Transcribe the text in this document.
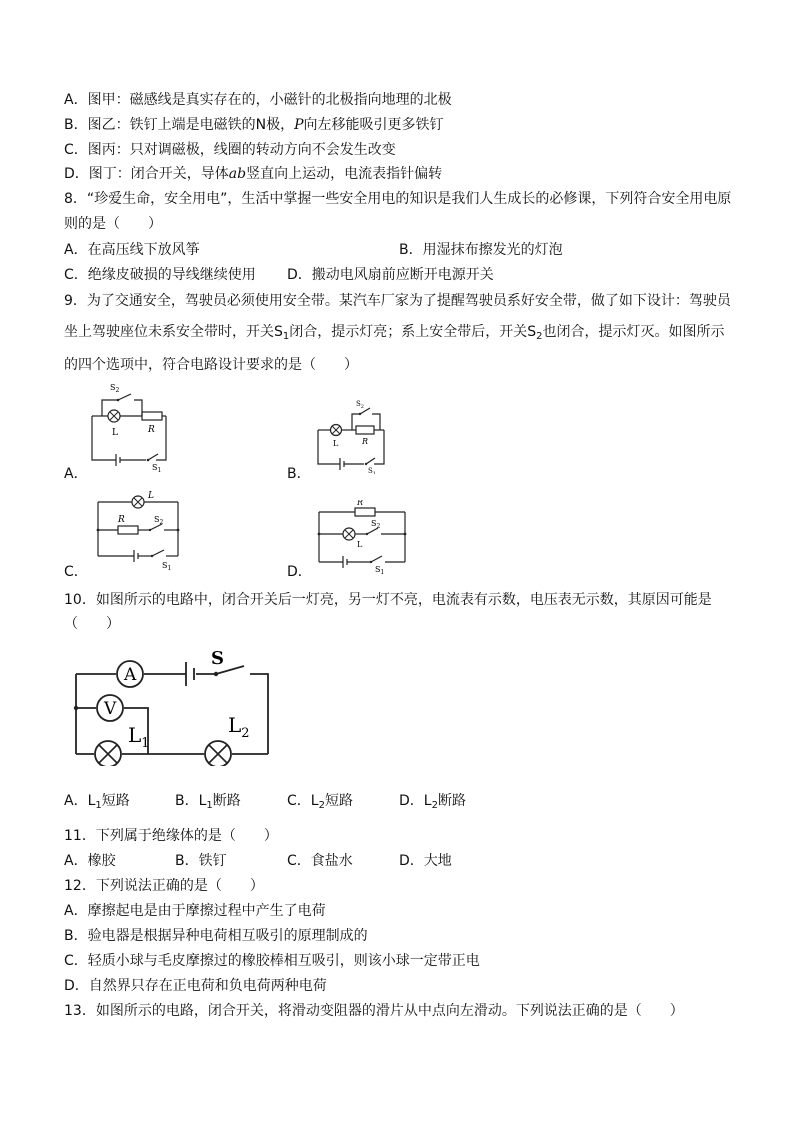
A．图甲：磁感线是真实存在的，小磁针的北极指向地理的北极
B．图乙：铁钉上端是电磁铁的N极，P向左移能吸引更多铁钉
C．图丙：只对调磁极，线圈的转动方向不会发生改变
D．图丁：闭合开关，导体ab竖直向上运动，电流表指针偏转
8．“珍爱生命，安全用电”，生活中掌握一些安全用电的知识是我们人生成长的必修课，下列符合安全用电原
则的是（　　）
A．在高压线下放风筝	B．用湿抹布擦发光的灯泡
C．绝缘皮破损的导线继续使用 D．搬动电风扇前应断开电源开关
9．为了交通安全，驾驶员必须使用安全带。某汽车厂家为了提醒驾驶员系好安全带，做了如下设计：驾驶员
坐上驾驶座位未系安全带时，开关$S_1$闭合，提示灯亮；系上安全带后，开关$S_2$也闭合，提示灯灭。如图所示
的四个选项中，符合电路设计要求的是（　　）
$S_2$
L	R
$S_1$
A．
$S_2$
L	R
$S_1$
B．
L
R	$S_2$
$S_1$
C．
R
$S_2$
L
$S_1$
D．
10．如图所示的电路中，闭合开关后一灯亮，另一灯不亮，电流表有示数，电压表无示数，其原因可能是
（　　）
A
V
S
$L_1$
$L_2$
A．$L_1$短路	B．$L_1$断路	C．$L_2$短路	D．$L_2$断路
11．下列属于绝缘体的是（　　）
A．橡胶	B．铁钉	C．食盐水	D．大地
12．下列说法正确的是（　　）
A．摩擦起电是由于摩擦过程中产生了电荷
B．验电器是根据异种电荷相互吸引的原理制成的
C．轻质小球与毛皮摩擦过的橡胶棒相互吸引，则该小球一定带正电
D．自然界只存在正电荷和负电荷两种电荷
13．如图所示的电路，闭合开关，将滑动变阻器的滑片从中点向左滑动。下列说法正确的是（　　）
